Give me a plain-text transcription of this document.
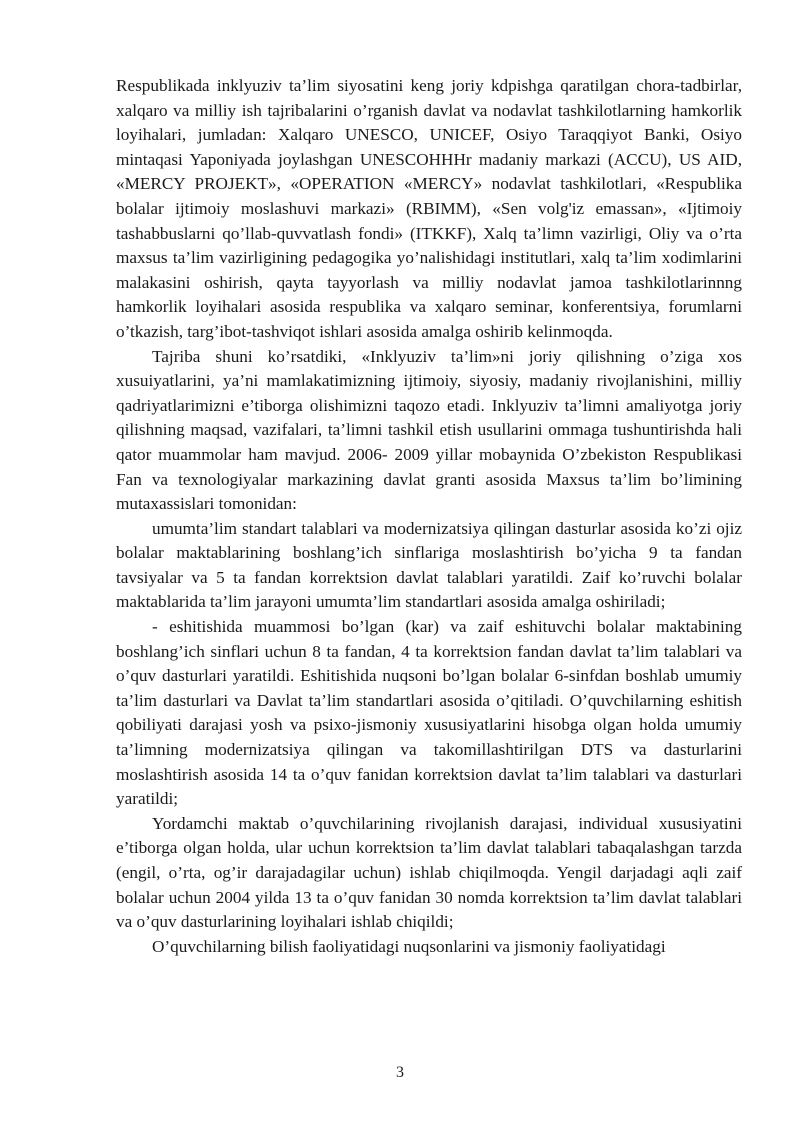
Respublikada inklyuziv ta’lim siyosatini keng joriy kdpishga qaratilgan chora-tadbirlar, xalqaro va milliy ish tajribalarini o’rganish davlat va nodavlat tashkilotlarning hamkorlik loyihalari, jumladan: Xalqaro UNESCO, UNICEF, Osiyo Taraqqiyot Banki, Osiyo mintaqasi Yaponiyada joylashgan UNESCOHHHr madaniy markazi (ACCU), US AID, «MERCY PROJEKT», «OPERATION «MERCY» nodavlat tashkilotlari, «Respublika bolalar ijtimoiy moslashuvi markazi» (RBIMM), «Sen volg'iz emassan», «Ijtimoiy tashabbuslarni qo’llab-quvvatlash fondi» (ITKKF), Xalq ta’limn vazirligi, Oliy va o’rta maxsus ta’lim vazirligining pedagogika yo’nalishidagi institutlari, xalq ta’lim xodimlarini malakasini oshirish, qayta tayyorlash va milliy nodavlat jamoa tashkilotlarinnng hamkorlik loyihalari asosida respublika va xalqaro seminar, konferentsiya, forumlarni o’tkazish, targ’ibot-tashviqot ishlari asosida amalga oshirib kelinmoqda.

Tajriba shuni ko’rsatdiki, «Inklyuziv ta’lim»ni joriy qilishning o’ziga xos xusuiyatlarini, ya’ni mamlakatimizning ijtimoiy, siyosiy, madaniy rivojlanishini, milliy qadriyatlarimizni e’tiborga olishimizni taqozo etadi. Inklyuziv ta’limni amaliyotga joriy qilishning maqsad, vazifalari, ta’limni tashkil etish usullarini ommaga tushuntirishda hali qator muammolar ham mavjud. 2006- 2009 yillar mobaynida O’zbekiston Respublikasi Fan va texnologiyalar markazining davlat granti asosida Maxsus ta’lim bo’limining mutaxassislari tomonidan:

umumta’lim standart talablari va modernizatsiya qilingan dasturlar asosida ko’zi ojiz bolalar maktablarining boshlang’ich sinflariga moslashtirish bo’yicha 9 ta fandan tavsiyalar va 5 ta fandan korrektsion davlat talablari yaratildi. Zaif ko’ruvchi bolalar maktablarida ta’lim jarayoni umumta’lim standartlari asosida amalga oshiriladi;

- eshitishida muammosi bo’lgan (kar) va zaif eshituvchi bolalar maktabining boshlang’ich sinflari uchun 8 ta fandan, 4 ta korrektsion fandan davlat ta’lim talablari va o’quv dasturlari yaratildi. Eshitishida nuqsoni bo’lgan bolalar 6-sinfdan boshlab umumiy ta’lim dasturlari va Davlat ta’lim standartlari asosida o’qitiladi. O’quvchilarning eshitish qobiliyati darajasi yosh va psixo-jismoniy xususiyatlarini hisobga olgan holda umumiy ta’limning modernizatsiya qilingan va takomillashtirilgan DTS va dasturlarini moslashtirish asosida 14 ta o’quv fanidan korrektsion davlat ta’lim talablari va dasturlari yaratildi;

Yordamchi maktab o’quvchilarining rivojlanish darajasi, individual xususiyatini e’tiborga olgan holda, ular uchun korrektsion ta’lim davlat talablari tabaqalashgan tarzda (engil, o’rta, og’ir darajadagilar uchun) ishlab chiqilmoqda. Yengil darjadagi aqli zaif bolalar uchun 2004 yilda 13 ta o’quv fanidan 30 nomda korrektsion ta’lim davlat talablari va o’quv dasturlarining loyihalari ishlab chiqildi;

O’quvchilarning bilish faoliyatidagi nuqsonlarini va jismoniy faoliyatidagi

3
